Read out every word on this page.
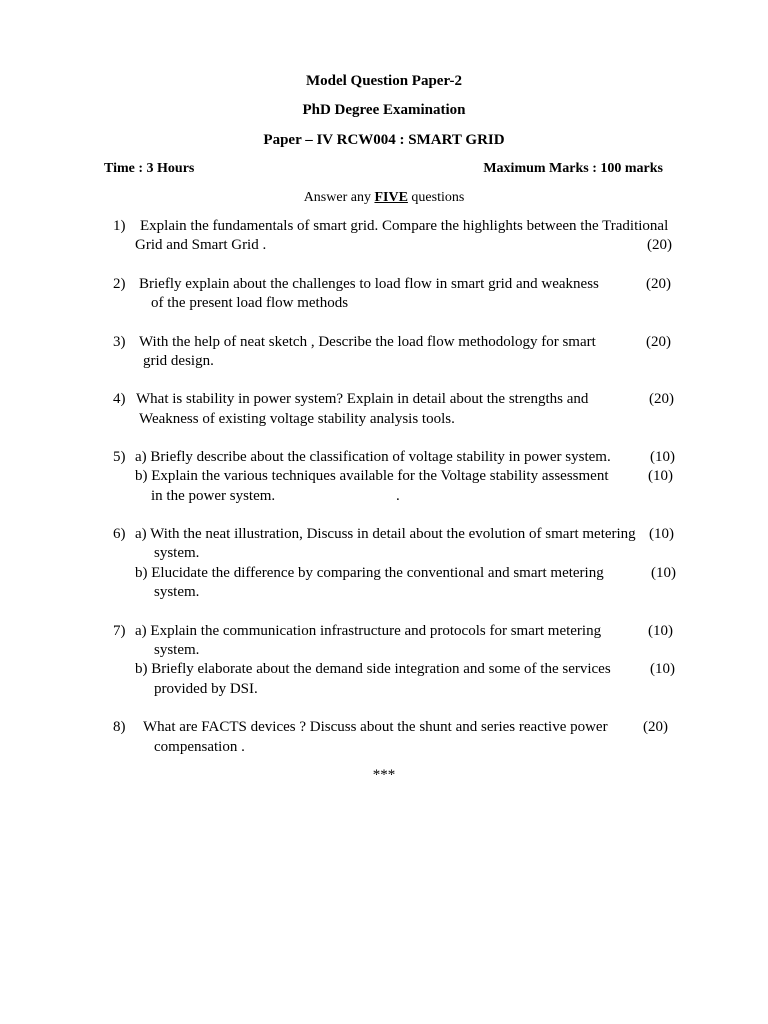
Model Question Paper-2
PhD Degree Examination
Paper – IV RCW004 : SMART GRID
Time : 3 Hours	Maximum Marks : 100 marks
Answer any FIVE questions
1) Explain the fundamentals of smart grid. Compare the highlights between the Traditional
Grid and Smart Grid .	(20)
2) Briefly explain about the challenges to load flow in smart grid and weakness	(20)
of the present load flow methods
3) With the help of neat sketch , Describe the load flow methodology for smart	(20)
grid design.
4) What is stability in power system? Explain in detail about the strengths and	(20)
Weakness of existing voltage stability analysis tools.
5) a) Briefly describe about the classification of voltage stability in power system.	(10)
b) Explain the various techniques available for the Voltage stability assessment	(10)
in the power system.	.
6) a) With the neat illustration, Discuss in detail about the evolution of smart metering (10)
system.
b) Elucidate the difference by comparing the conventional and smart metering	(10)
system.
7) a) Explain the communication infrastructure and protocols for smart metering	(10)
system.
b) Briefly elaborate about the demand side integration and some of the services	(10)
provided by DSI.
8) What are FACTS devices ? Discuss about the shunt and series reactive power (20)
compensation .
***
